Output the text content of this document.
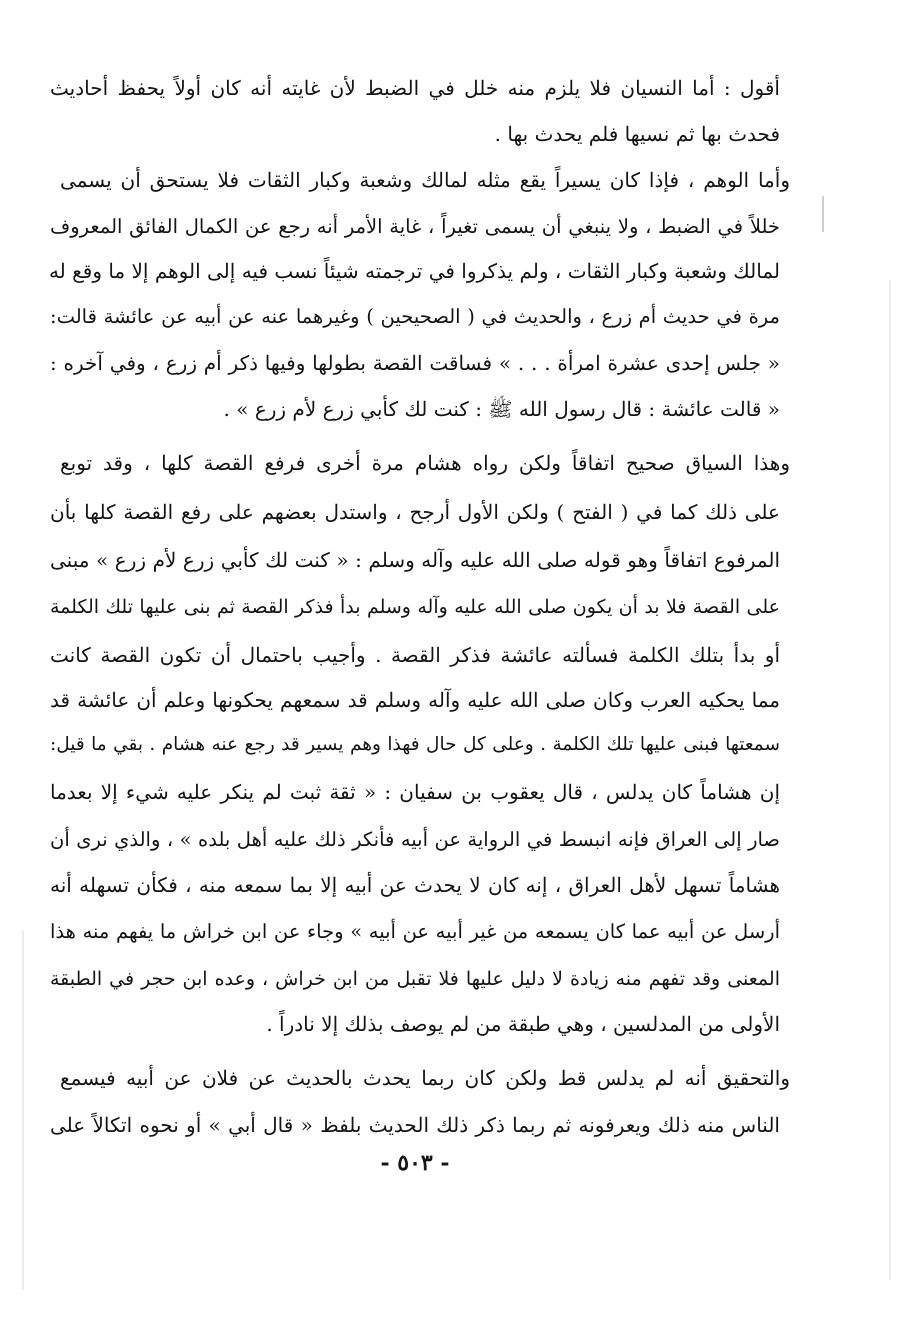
أقول : أما النسيان فلا يلزم منه خلل في الضبط لأن غايته أنه كان أولاً يحفظ أحاديث
فحدث بها ثم نسيها فلم يحدث بها .
وأما الوهم ، فإذا كان يسيراً يقع مثله لمالك وشعبة وكبار الثقات فلا يستحق أن يسمى
خللاً في الضبط ، ولا ينبغي أن يسمى تغيراً ، غاية الأمر أنه رجع عن الكمال الفائق المعروف
لمالك وشعبة وكبار الثقات ، ولم يذكروا في ترجمته شيئاً نسب فيه إلى الوهم إلا ما وقع له
مرة في حديث أم زرع ، والحديث في ( الصحيحين ) وغيرهما عنه عن أبيه عن عائشة قالت:
« جلس إحدى عشرة امرأة . . . » فساقت القصة بطولها وفيها ذكر أم زرع ، وفي آخره :
« قالت عائشة : قال رسول الله ﷺ : كنت لك كأبي زرع لأم زرع » .
وهذا السياق صحيح اتفاقاً ولكن رواه هشام مرة أخرى فرفع القصة كلها ، وقد توبع
على ذلك كما في ( الفتح ) ولكن الأول أرجح ، واستدل بعضهم على رفع القصة كلها بأن
المرفوع اتفاقاً وهو قوله صلى الله عليه وآله وسلم : « كنت لك كأبي زرع لأم زرع » مبنى
على القصة فلا بد أن يكون صلى الله عليه وآله وسلم بدأ فذكر القصة ثم بنى عليها تلك الكلمة
أو بدأ بتلك الكلمة فسألته عائشة فذكر القصة . وأجيب باحتمال أن تكون القصة كانت
مما يحكيه العرب وكان صلى الله عليه وآله وسلم قد سمعهم يحكونها وعلم أن عائشة قد
سمعتها فبنى عليها تلك الكلمة . وعلى كل حال فهذا وهم يسير قد رجع عنه هشام . بقي ما قيل:
إن هشاماً كان يدلس ، قال يعقوب بن سفيان : « ثقة ثبت لم ينكر عليه شيء إلا بعدما
صار إلى العراق فإنه انبسط في الرواية عن أبيه فأنكر ذلك عليه أهل بلده » ، والذي نرى أن
هشاماً تسهل لأهل العراق ، إنه كان لا يحدث عن أبيه إلا بما سمعه منه ، فكأن تسهله أنه
أرسل عن أبيه عما كان يسمعه من غير أبيه عن أبيه » وجاء عن ابن خراش ما يفهم منه هذا
المعنى وقد تفهم منه زيادة لا دليل عليها فلا تقبل من ابن خراش ، وعده ابن حجر في الطبقة
الأولى من المدلسين ، وهي طبقة من لم يوصف بذلك إلا نادراً .
والتحقيق أنه لم يدلس قط ولكن كان ربما يحدث بالحديث عن فلان عن أبيه فيسمع
الناس منه ذلك ويعرفونه ثم ربما ذكر ذلك الحديث بلفظ « قال أبي » أو نحوه اتكالاً على
- ٥٠٣ -
